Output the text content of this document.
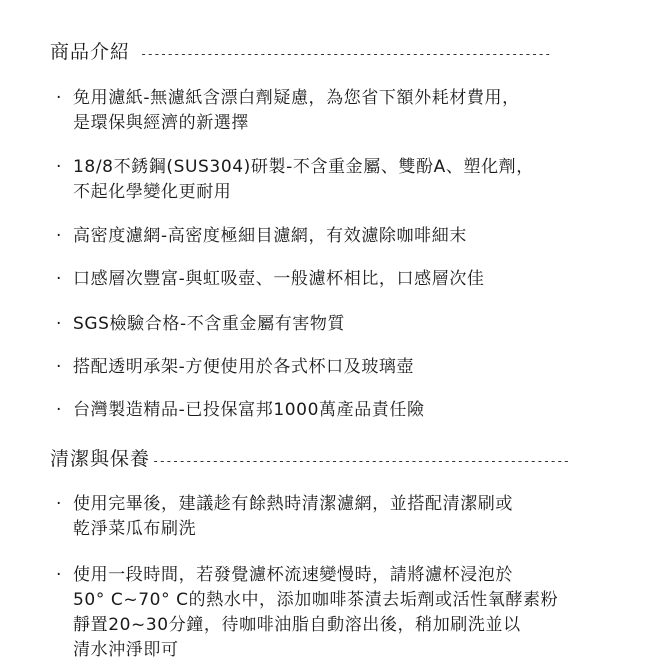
商品介紹 --------------------------------------------------------------
· 免用濾紙-無濾紙含漂白劑疑慮，為您省下額外耗材費用，
是環保與經濟的新選擇
· 18/8不銹鋼(SUS304)研製-不含重金屬、雙酚A、塑化劑，
不起化學變化更耐用
· 高密度濾網-高密度極細目濾網，有效濾除咖啡細末
· 口感層次豐富-與虹吸壺、一般濾杯相比，口感層次佳
· SGS檢驗合格-不含重金屬有害物質
· 搭配透明承架-方便使用於各式杯口及玻璃壺
· 台灣製造精品-已投保富邦1000萬產品責任險
清潔與保養 ---------------------------------------------------------------
· 使用完畢後，建議趁有餘熱時清潔濾網，並搭配清潔刷或
乾淨菜瓜布刷洗
· 使用一段時間，若發覺濾杯流速變慢時，請將濾杯浸泡於
50° C~70° C的熱水中，添加咖啡茶漬去垢劑或活性氧酵素粉
靜置20~30分鐘，待咖啡油脂自動溶出後，稍加刷洗並以
清水沖淨即可
